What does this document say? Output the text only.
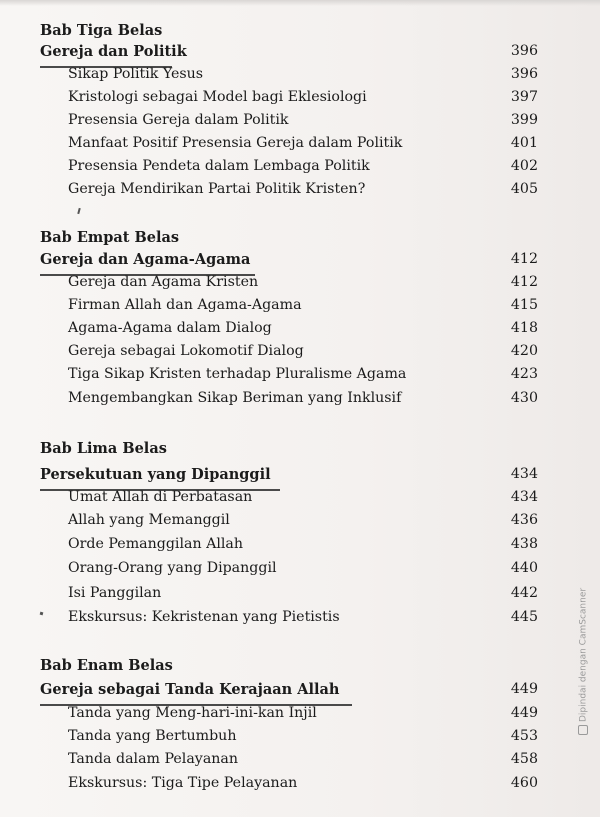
Bab Tiga Belas
Gereja dan Politik	396
Sikap Politik Yesus	396
Kristologi sebagai Model bagi Eklesiologi	397
Presensia Gereja dalam Politik	399
Manfaat Positif Presensia Gereja dalam Politik	401
Presensia Pendeta dalam Lembaga Politik	402
Gereja Mendirikan Partai Politik Kristen?	405
Bab Empat Belas
Gereja dan Agama-Agama	412
Gereja dan Agama Kristen	412
Firman Allah dan Agama-Agama	415
Agama-Agama dalam Dialog	418
Gereja sebagai Lokomotif Dialog	420
Tiga Sikap Kristen terhadap Pluralisme Agama	423
Mengembangkan Sikap Beriman yang Inklusif	430
Bab Lima Belas
Persekutuan yang Dipanggil	434
Umat Allah di Perbatasan	434
Allah yang Memanggil	436
Orde Pemanggilan Allah	438
Orang-Orang yang Dipanggil	440
Isi Panggilan	442
Ekskursus: Kekristenan yang Pietistis	445
Bab Enam Belas
Gereja sebagai Tanda Kerajaan Allah	449
Tanda yang Meng-hari-ini-kan Injil	449
Tanda yang Bertumbuh	453
Tanda dalam Pelayanan	458
Ekskursus: Tiga Tipe Pelayanan	460
Dipindai dengan CamScanner
